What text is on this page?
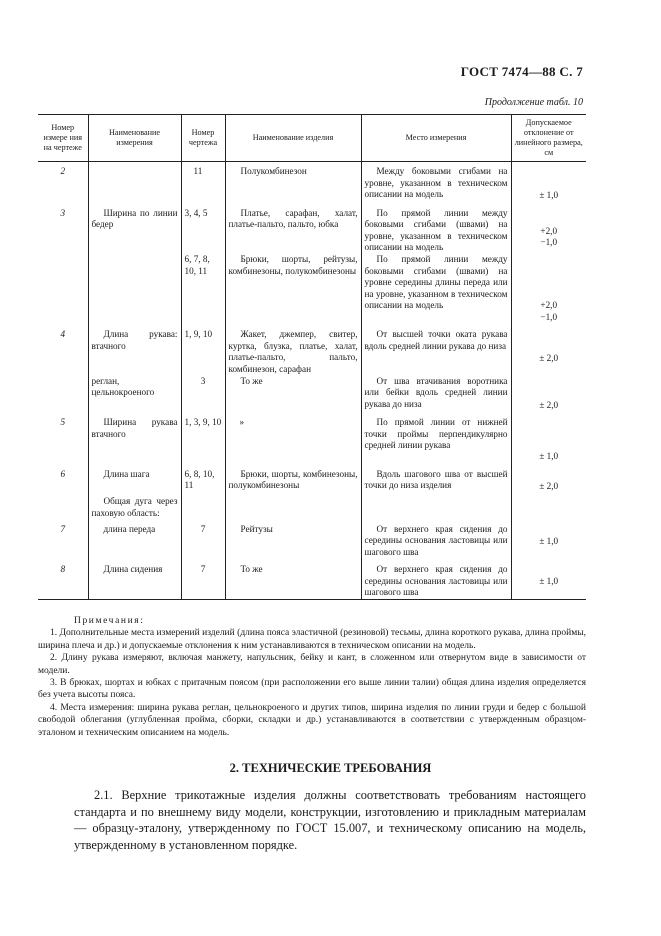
ГОСТ 7474—88 С. 7
Продолжение табл. 10
Номер измере ния на чертеже	Наименование измерения	Номер чертежа	Наименование изделия	Место измерения	Допускаемое отклонение от линейного размера, см
2		11	Полукомбинезон	Между боковыми сгибами на уровне, указанном в техническом описании на модель	± 1,0
3	Ширина по линии бедер	3, 4, 5	Платье, сарафан, халат, платье-пальто, пальто, юбка	По прямой линии между боковыми сгибами (швами) на уровне, указанном в техническом описании на модель	+2,0
−1,0
		6, 7, 8, 10, 11	Брюки, шорты, рейтузы, комбинезоны, полукомбинезоны	По прямой линии между боковыми сгибами (швами) на уровне середины длины переда или на уровне, указанном в техническом описании на модель	+2,0
−1,0
4	Длина рукава: втачного	1, 9, 10	Жакет, джемпер, свитер, куртка, блузка, платье, халат, платье-пальто, пальто, комбинезон, сарафан	От высшей точки оката рукава вдоль средней линии рукава до низа	± 2,0
	реглан, цельнокроеного	3	То же	От шва втачивания воротника или бейки вдоль средней линии рукава до низа	± 2,0
5	Ширина рукава втачного	1, 3, 9, 10	»	По прямой линии от нижней точки проймы перпендикулярно средней линии рукава	± 1,0
6	Длина шага	6, 8, 10, 11	Брюки, шорты, комбинезоны, полукомбинезоны	Вдоль шагового шва от высшей точки до низа изделия	± 2,0
	Общая дуга через паховую область:				
7	длина переда	7	Рейтузы	От верхнего края сидения до середины основания ластовицы или шагового шва	± 1,0
8	Длина сидения	7	То же	От верхнего края сидения до середины основания ластовицы или шагового шва	± 1,0

Примечания:

1. Дополнительные места измерений изделий (длина пояса эластичной (резиновой) тесьмы, длина короткого рукава, длина проймы, ширина плеча и др.) и допускаемые отклонения к ним устанавливаются в техническом описании на модель.

2. Длину рукава измеряют, включая манжету, напульсник, бейку и кант, в сложенном или отвернутом виде в зависимости от модели.

3. В брюках, шортах и юбках с притачным поясом (при расположении его выше линии талии) общая длина изделия определяется без учета высоты пояса.

4. Места измерения: ширина рукава реглан, цельнокроеного и других типов, ширина изделия по линии груди и бедер с большой свободой облегания (углубленная пройма, сборки, складки и др.) устанавливаются в соответствии с утвержденным образцом-эталоном и техническим описанием на модель.

2. ТЕХНИЧЕСКИЕ ТРЕБОВАНИЯ
2.1. Верхние трикотажные изделия должны соответствовать требованиям настоящего стандарта и по внешнему виду модели, конструкции, изготовлению и прикладным материалам — образцу-эталону, утвержденному по ГОСТ 15.007, и техническому описанию на модель, утвержденному в установленном порядке.
